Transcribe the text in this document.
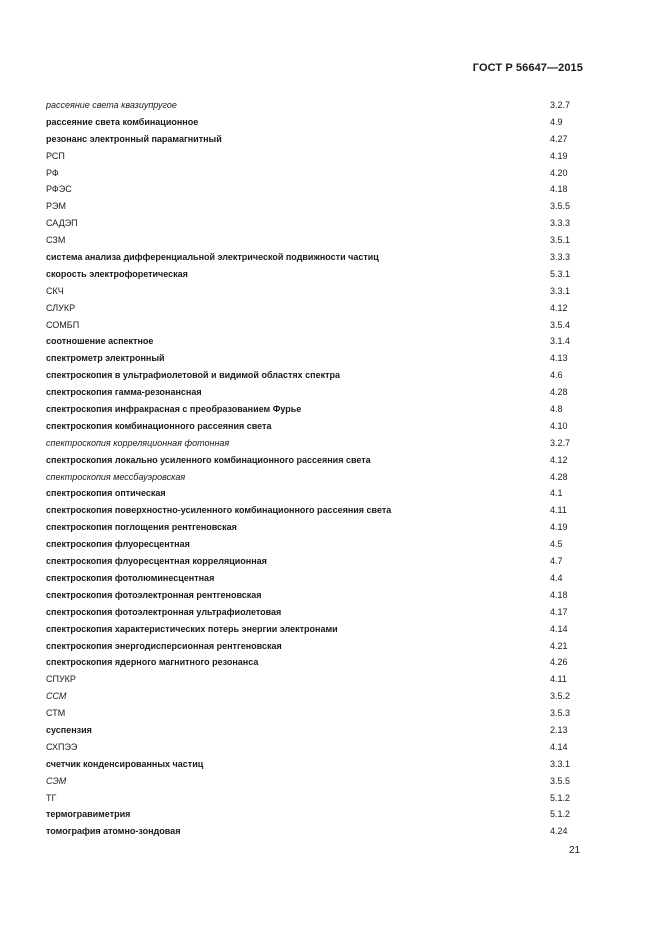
ГОСТ Р 56647—2015
рассеяние света квазиупругое	3.2.7
рассеяние света комбинационное	4.9
резонанс электронный парамагнитный	4.27
РСП	4.19
РФ	4.20
РФЭС	4.18
РЭМ	3.5.5
САДЭП	3.3.3
СЗМ	3.5.1
система анализа дифференциальной электрической подвижности частиц	3.3.3
скорость электрофоретическая	5.3.1
СКЧ	3.3.1
СЛУКР	4.12
СОМБП	3.5.4
соотношение аспектное	3.1.4
спектрометр электронный	4.13
спектроскопия в ультрафиолетовой и видимой областях спектра	4.6
спектроскопия гамма-резонансная	4.28
спектроскопия инфракрасная с преобразованием Фурье	4.8
спектроскопия комбинационного рассеяния света	4.10
спектроскопия корреляционная фотонная	3.2.7
спектроскопия локально усиленного комбинационного рассеяния света	4.12
спектроскопия мессбауэровская	4.28
спектроскопия оптическая	4.1
спектроскопия поверхностно-усиленного комбинационного рассеяния света	4.11
спектроскопия поглощения рентгеновская	4.19
спектроскопия флуоресцентная	4.5
спектроскопия флуоресцентная корреляционная	4.7
спектроскопия фотолюминесцентная	4.4
спектроскопия фотоэлектронная рентгеновская	4.18
спектроскопия фотоэлектронная ультрафиолетовая	4.17
спектроскопия характеристических потерь энергии электронами	4.14
спектроскопия энергодисперсионная рентгеновская	4.21
спектроскопия ядерного магнитного резонанса	4.26
СПУКР	4.11
ССМ	3.5.2
СТМ	3.5.3
суспензия	2.13
СХПЭЭ	4.14
счетчик конденсированных частиц	3.3.1
СЭМ	3.5.5
ТГ	5.1.2
термогравиметрия	5.1.2
томография атомно-зондовая	4.24
21
